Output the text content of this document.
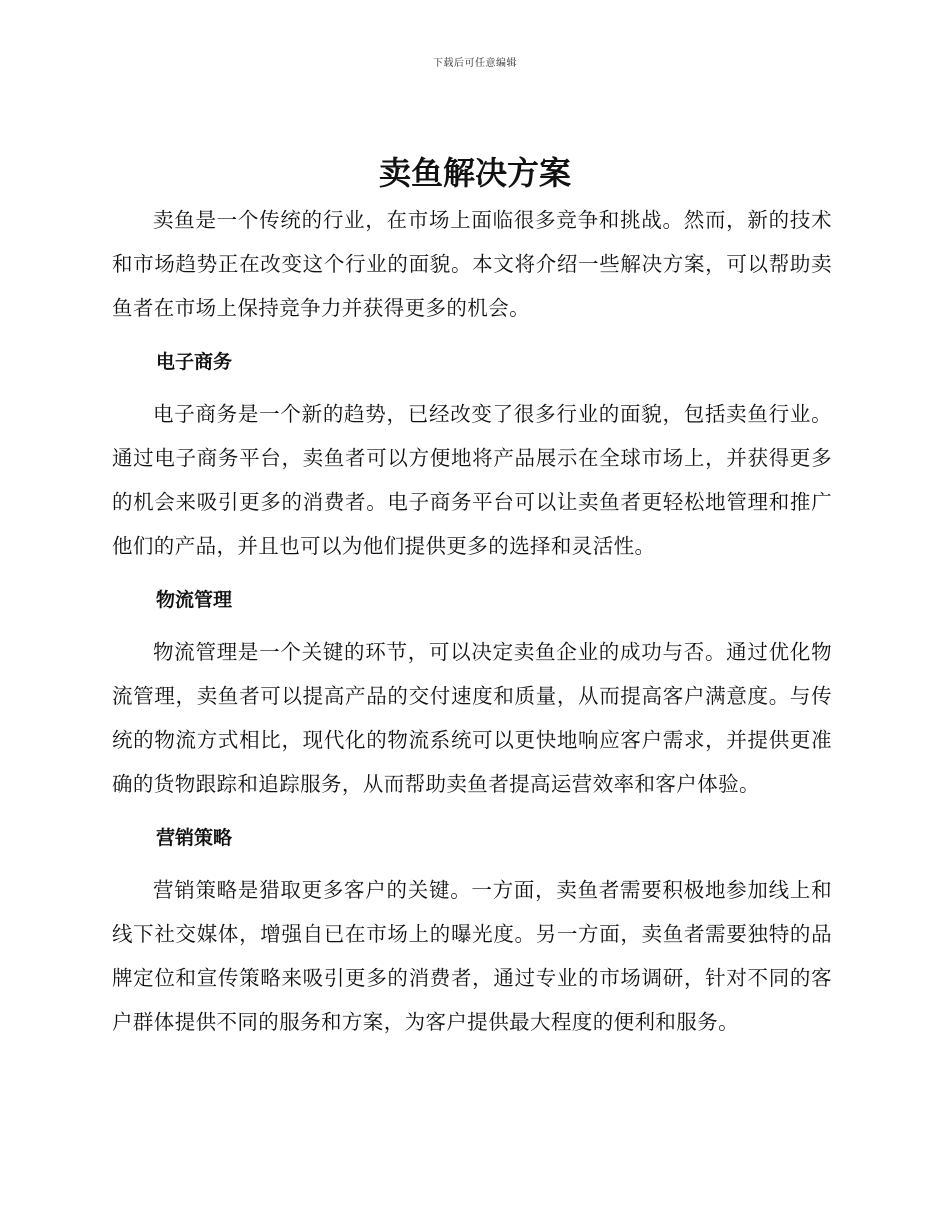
下载后可任意编辑
卖鱼解决方案

卖鱼是一个传统的行业，在市场上面临很多竞争和挑战。然而，新的技术和市场趋势正在改变这个行业的面貌。本文将介绍一些解决方案，可以帮助卖鱼者在市场上保持竞争力并获得更多的机会。

电子商务

电子商务是一个新的趋势，已经改变了很多行业的面貌，包括卖鱼行业。通过电子商务平台，卖鱼者可以方便地将产品展示在全球市场上，并获得更多的机会来吸引更多的消费者。电子商务平台可以让卖鱼者更轻松地管理和推广他们的产品，并且也可以为他们提供更多的选择和灵活性。

物流管理

物流管理是一个关键的环节，可以决定卖鱼企业的成功与否。通过优化物流管理，卖鱼者可以提高产品的交付速度和质量，从而提高客户满意度。与传统的物流方式相比，现代化的物流系统可以更快地响应客户需求，并提供更准确的货物跟踪和追踪服务，从而帮助卖鱼者提高运营效率和客户体验。

营销策略

营销策略是猎取更多客户的关键。一方面，卖鱼者需要积极地参加线上和线下社交媒体，增强自已在市场上的曝光度。另一方面，卖鱼者需要独特的品牌定位和宣传策略来吸引更多的消费者，通过专业的市场调研，针对不同的客户群体提供不同的服务和方案，为客户提供最大程度的便利和服务。
